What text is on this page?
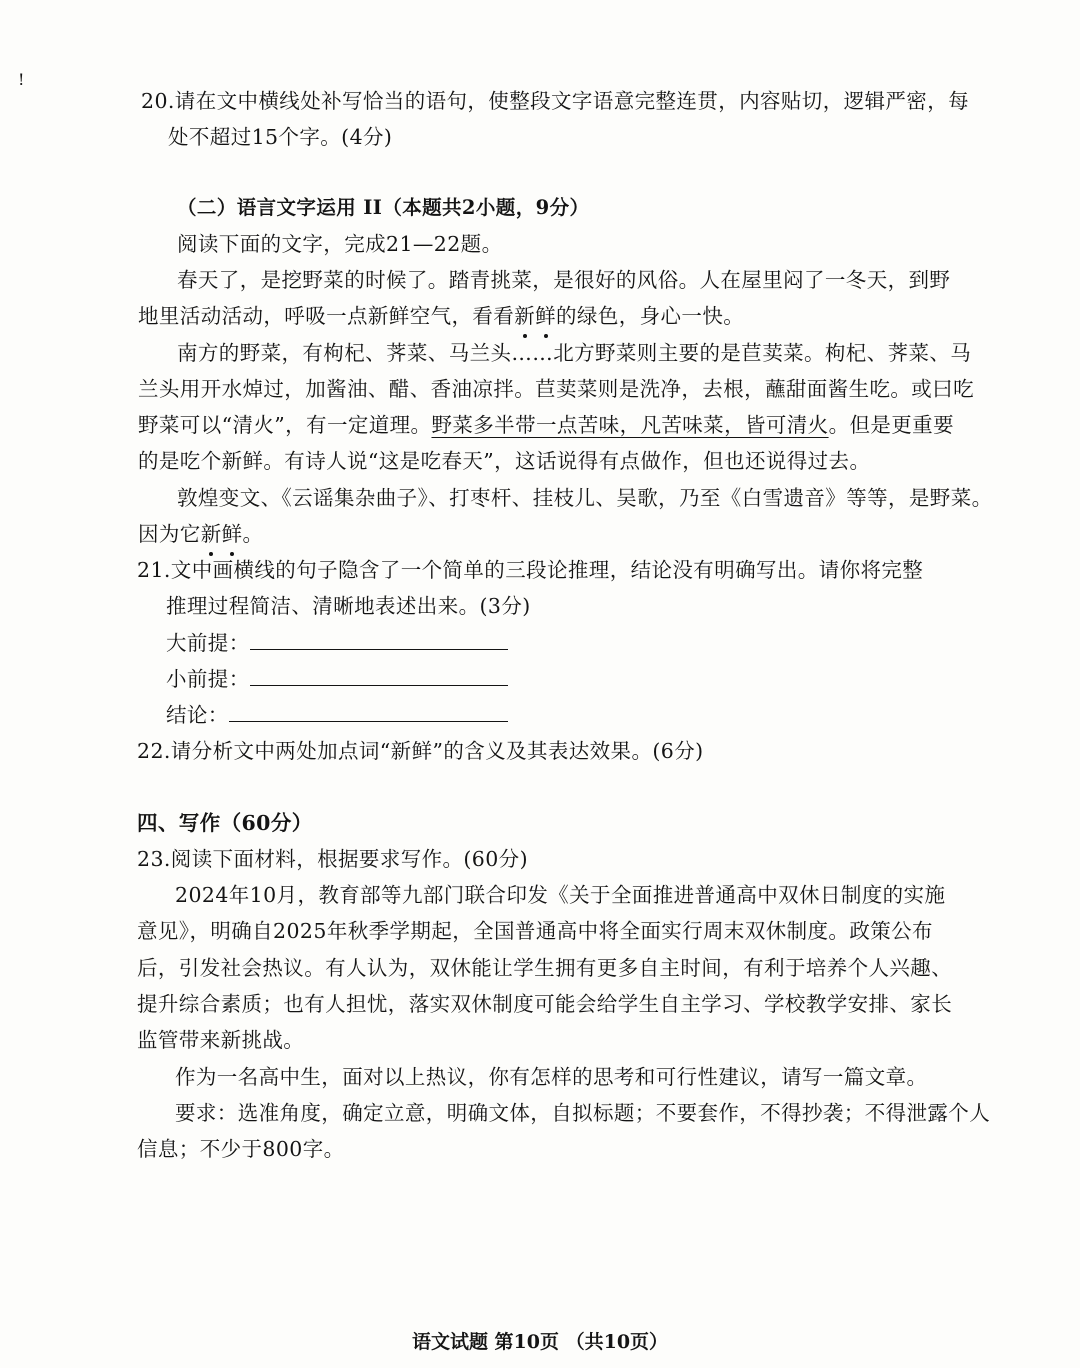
!
20.请在文中横线处补写恰当的语句，使整段文字语意完整连贯，内容贴切，逻辑严密，每
处不超过15个字。(4分)
（二）语言文字运用 II（本题共2小题，9分）
阅读下面的文字，完成21—22题。
春天了，是挖野菜的时候了。踏青挑菜，是很好的风俗。人在屋里闷了一冬天，到野
地里活动活动，呼吸一点新鲜空气，看看新鲜的绿色，身心一快。
南方的野菜，有枸杞、荠菜、马兰头……北方野菜则主要的是苣荬菜。枸杞、荠菜、马
兰头用开水焯过，加酱油、醋、香油凉拌。苣荬菜则是洗净，去根，蘸甜面酱生吃。或曰吃
野菜可以“清火”，有一定道理。野菜多半带一点苦味，凡苦味菜，皆可清火。但是更重要
的是吃个新鲜。有诗人说“这是吃春天”，这话说得有点做作，但也还说得过去。
敦煌变文、《云谣集杂曲子》、打枣杆、挂枝儿、吴歌，乃至《白雪遗音》等等，是野菜。
因为它新鲜。
21.文中画横线的句子隐含了一个简单的三段论推理，结论没有明确写出。请你将完整
推理过程简洁、清晰地表述出来。(3分)
大前提：
小前提：
结论：
22.请分析文中两处加点词“新鲜”的含义及其表达效果。(6分)
四、写作（60分）
23.阅读下面材料，根据要求写作。(60分)
2024年10月，教育部等九部门联合印发《关于全面推进普通高中双休日制度的实施
意见》，明确自2025年秋季学期起，全国普通高中将全面实行周末双休制度。政策公布
后，引发社会热议。有人认为，双休能让学生拥有更多自主时间，有利于培养个人兴趣、
提升综合素质；也有人担忧，落实双休制度可能会给学生自主学习、学校教学安排、家长
监管带来新挑战。
作为一名高中生，面对以上热议，你有怎样的思考和可行性建议，请写一篇文章。
要求：选准角度，确定立意，明确文体，自拟标题；不要套作，不得抄袭；不得泄露个人
信息；不少于800字。
语文试题 第10页 （共10页）
